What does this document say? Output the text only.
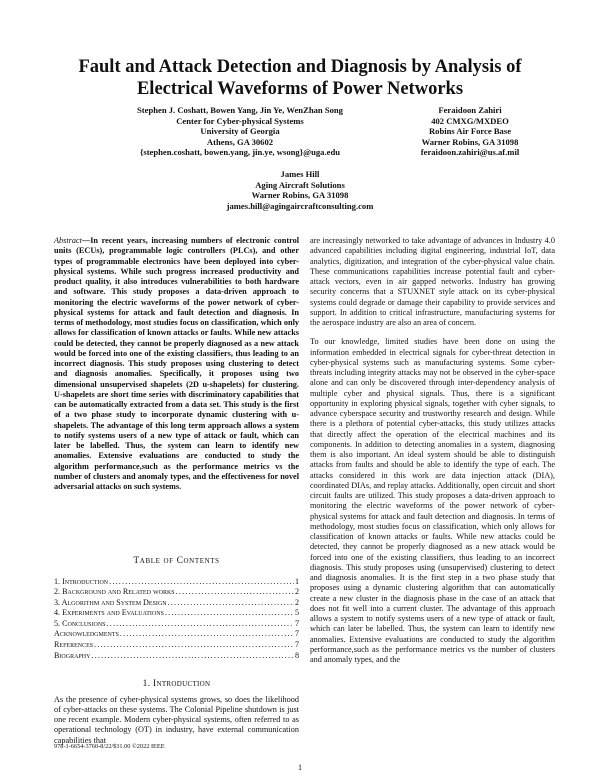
Fault and Attack Detection and Diagnosis by Analysis of
Electrical Waveforms of Power Networks
Stephen J. Coshatt, Bowen Yang, Jin Ye, WenZhan Song
Center for Cyber-physical Systems
University of Georgia
Athens, GA 30602
{stephen.coshatt, bowen.yang, jin.ye, wsong}@uga.edu
Feraidoon Zahiri
402 CMXG/MXDEO
Robins Air Force Base
Warner Robins, GA 31098
feraidoon.zahiri@us.af.mil
James Hill
Aging Aircraft Solutions
Warner Robins, GA 31098
james.hill@agingaircraftconsulting.com

Abstract—In recent years, increasing numbers of electronic control units (ECUs), programmable logic controllers (PLCs), and other types of programmable electronics have been deployed into cyber-physical systems. While such progress increased productivity and product quality, it also introduces vulnerabilities to both hardware and software. This study proposes a data-driven approach to monitoring the electric waveforms of the power network of cyber-physical systems for attack and fault detection and diagnosis. In terms of methodology, most studies focus on classification, which only allows for classification of known attacks or faults. While new attacks could be detected, they cannot be properly diagnosed as a new attack would be forced into one of the existing classifiers, thus leading to an incorrect diagnosis. This study proposes using clustering to detect and diagnosis anomalies. Specifically, it proposes using two dimensional unsupervised shapelets (2D u-shapelets) for clustering. U-shapelets are short time series with discriminatory capabilities that can be automatically extracted from a data set. This study is the first of a two phase study to incorporate dynamic clustering with u-shapelets. The advantage of this long term approach allows a system to notify systems users of a new type of attack or fault, which can later be labelled. Thus, the system can learn to identify new anomalies. Extensive evaluations are conducted to study the algorithm performance,such as the performance metrics vs the number of clusters and anomaly types, and the effectiveness for novel adversarial attacks on such systems.

Table of Contents
1. Introduction .....	1
2. Background and Related works .....	2
3. Algorithm and System Design .....	2
4. Experiments and Evaluations .....	5
5. Conclusions .....	7
Acknowledgments .....	7
References .....	7
Biography .....	8
1. Introduction

As the presence of cyber-physical systems grows, so does the likelihood of cyber-attacks on these systems. The Colonial Pipeline shutdown is just one recent example. Modern cyber-physical systems, often referred to as operational technology (OT) in industry, have external communication capabilities that

are increasingly networked to take advantage of advances in Industry 4.0 advanced capabilities including digital engineering, industrial IoT, data analytics, digitization, and integration of the cyber-physical value chain. These communications capabilities increase potential fault and cyber-attack vectors, even in air gapped networks. Industry has growing security concerns that a STUXNET style attack on its cyber-physical systems could degrade or damage their capability to provide services and support. In addition to critical infrastructure, manufacturing systems for the aerospace industry are also an area of concern.

To our knowledge, limited studies have been done on using the information embedded in electrical signals for cyber-threat detection in cyber-physical systems such as manufacturing systems. Some cyber-threats including integrity attacks may not be observed in the cyber-space alone and can only be discovered through inter-dependency analysis of multiple cyber and physical signals. Thus, there is a significant opportunity in exploring physical signals, together with cyber signals, to advance cyberspace security and trustworthy research and design. While there is a plethora of potential cyber-attacks, this study utilizes attacks that directly affect the operation of the electrical machines and its components. In addition to detecting anomalies in a system, diagnosing them is also important. An ideal system should be able to distinguish attacks from faults and should be able to identify the type of each. The attacks considered in this work are data injection attack (DIA), coordinated DIAs, and replay attacks. Additionally, open circuit and short circuit faults are utilized. This study proposes a data-driven approach to monitoring the electric waveforms of the power network of cyber-physical systems for attack and fault detection and diagnosis. In terms of methodology, most studies focus on classification, which only allows for classification of known attacks or faults. While new attacks could be detected, they cannot be properly diagnosed as a new attack would be forced into one of the existing classifiers, thus leading to an incorrect diagnosis. This study proposes using (unsupervised) clustering to detect and diagnosis anomalies. It is the first step in a two phase study that proposes using a dynamic clustering algorithm that can automatically create a new cluster in the diagnosis phase in the case of an attack that does not fit well into a current cluster. The advantage of this approach allows a system to notify systems users of a new type of attack or fault, which can later be labelled. Thus, the system can learn to identify new anomalies. Extensive evaluations are conducted to study the algorithm performance,such as the performance metrics vs the number of clusters and anomaly types, and the

978-1-6654-3760-8/22/$31.00 ©2022 IEEE
1
